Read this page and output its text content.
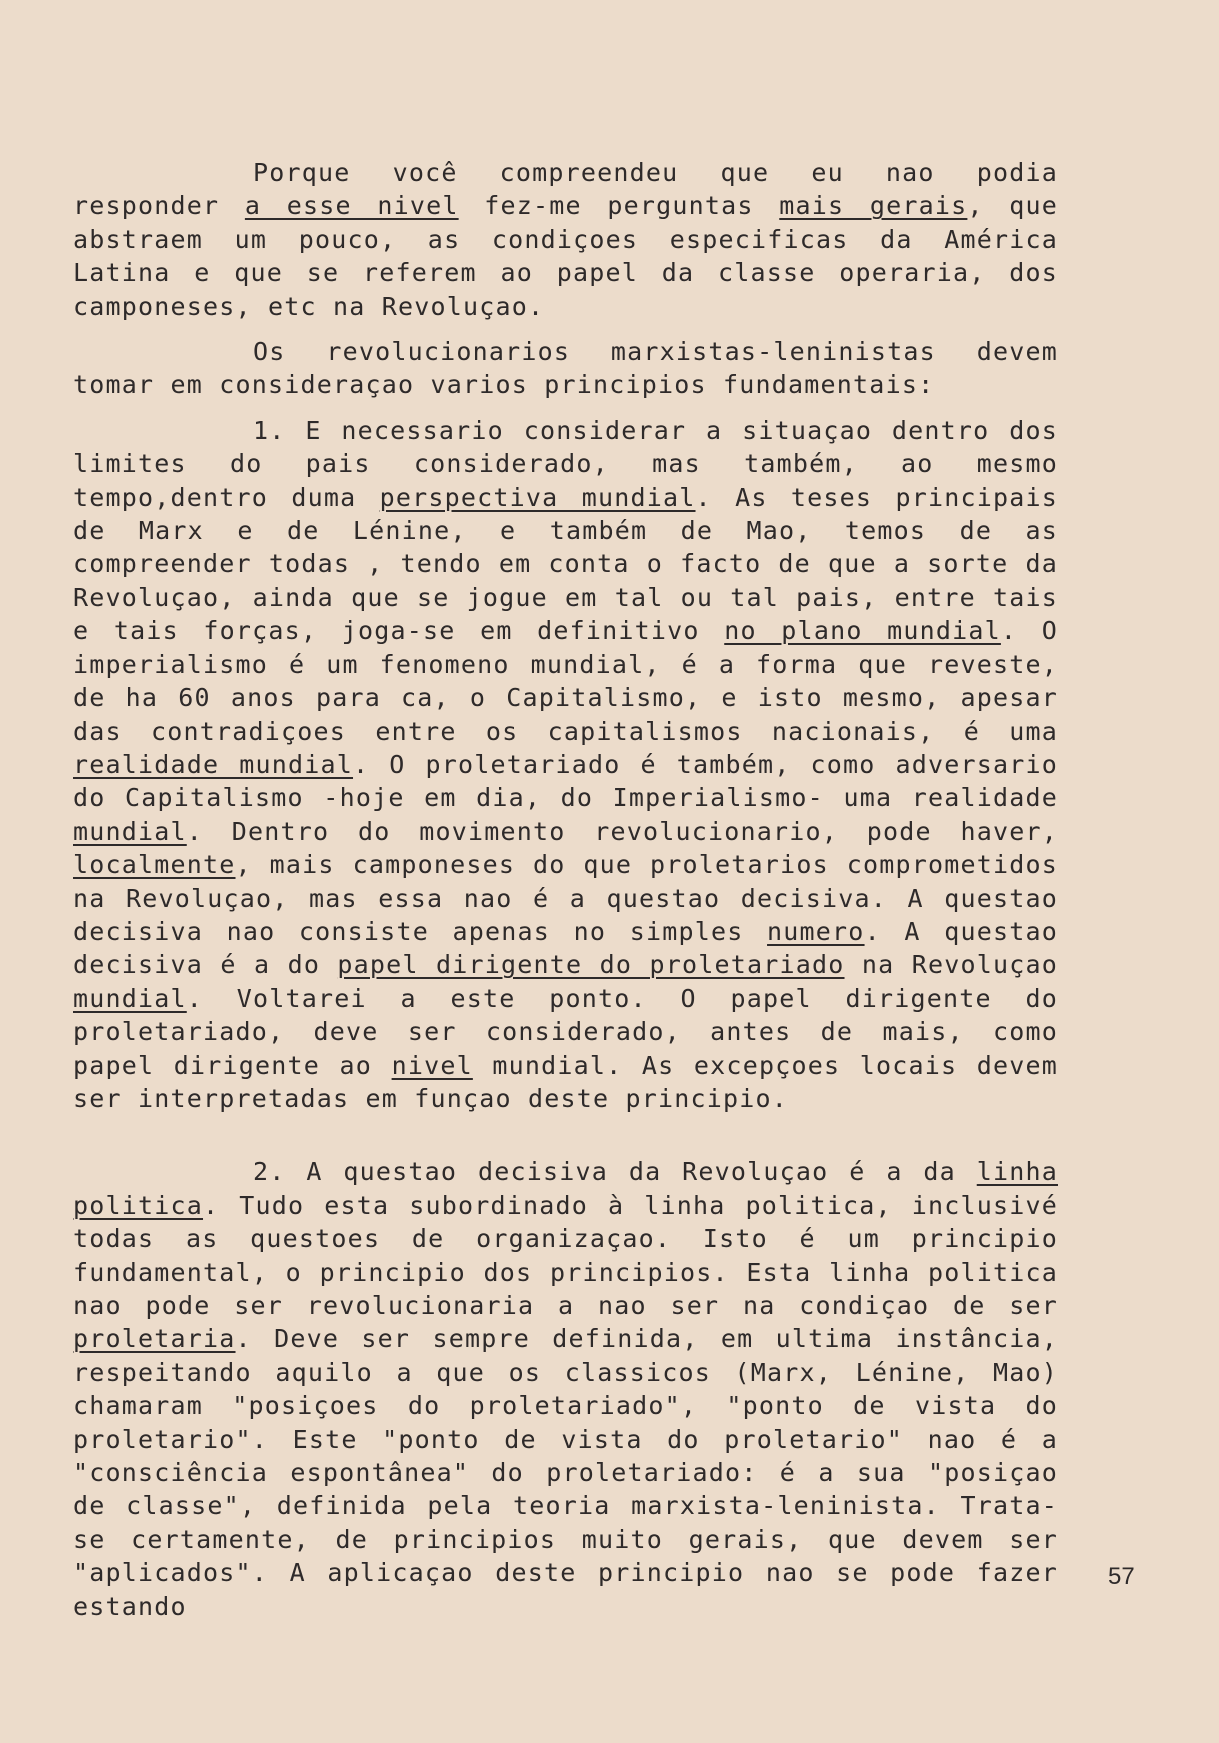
Porque você compreendeu que eu nao podia responder a esse nivel fez-me perguntas mais gerais, que abstraem um pouco, as condiçoes especificas da América Latina e que se referem ao papel da classe operaria, dos camponeses, etc na Revoluçao.

Os revolucionarios marxistas-leninistas devem tomar em consideraçao varios principios fundamentais:

1. E necessario considerar a situaçao dentro dos limites do pais considerado, mas também, ao mesmo tempo,dentro duma perspectiva mundial. As teses principais de Marx e de Lénine, e também de Mao, temos de as compreender todas , tendo em conta o facto de que a sorte da Revoluçao, ainda que se jogue em tal ou tal pais, entre tais e tais forças, joga-se em definitivo no plano mundial. O imperialismo é um fenomeno mundial, é a forma que reveste, de ha 60 anos para ca, o Capitalismo, e isto mesmo, apesar das contradiçoes entre os capitalismos nacionais, é uma realidade mundial. O proletariado é também, como adversario do Capitalismo -hoje em dia, do Imperialismo- uma realidade mundial. Dentro do movimento revolucionario, pode haver, localmente, mais camponeses do que proletarios comprometidos na Revoluçao, mas essa nao é a questao decisiva. A questao decisiva nao consiste apenas no simples numero. A questao decisiva é a do papel dirigente do proletariado na Revoluçao mundial. Voltarei a este ponto. O papel dirigente do proletariado, deve ser considerado, antes de mais, como papel dirigente ao nivel mundial. As excepçoes locais devem ser interpretadas em funçao deste principio.

2. A questao decisiva da Revoluçao é a da linha politica. Tudo esta subordinado à linha politica, inclusivé todas as questoes de organizaçao. Isto é um principio fundamental, o principio dos principios. Esta linha politica nao pode ser revolucionaria a nao ser na condiçao de ser proletaria. Deve ser sempre definida, em ultima instância, respeitando aquilo a que os classicos (Marx, Lénine, Mao) chamaram "posiçoes do proletariado", "ponto de vista do proletario". Este "ponto de vista do proletario" nao é a "consciência espontânea" do proletariado: é a sua "posiçao de classe", definida pela teoria marxista-leninista. Trata-se certamente, de principios muito gerais, que devem ser "aplicados". A aplicaçao deste principio nao se pode fazer estando

57
